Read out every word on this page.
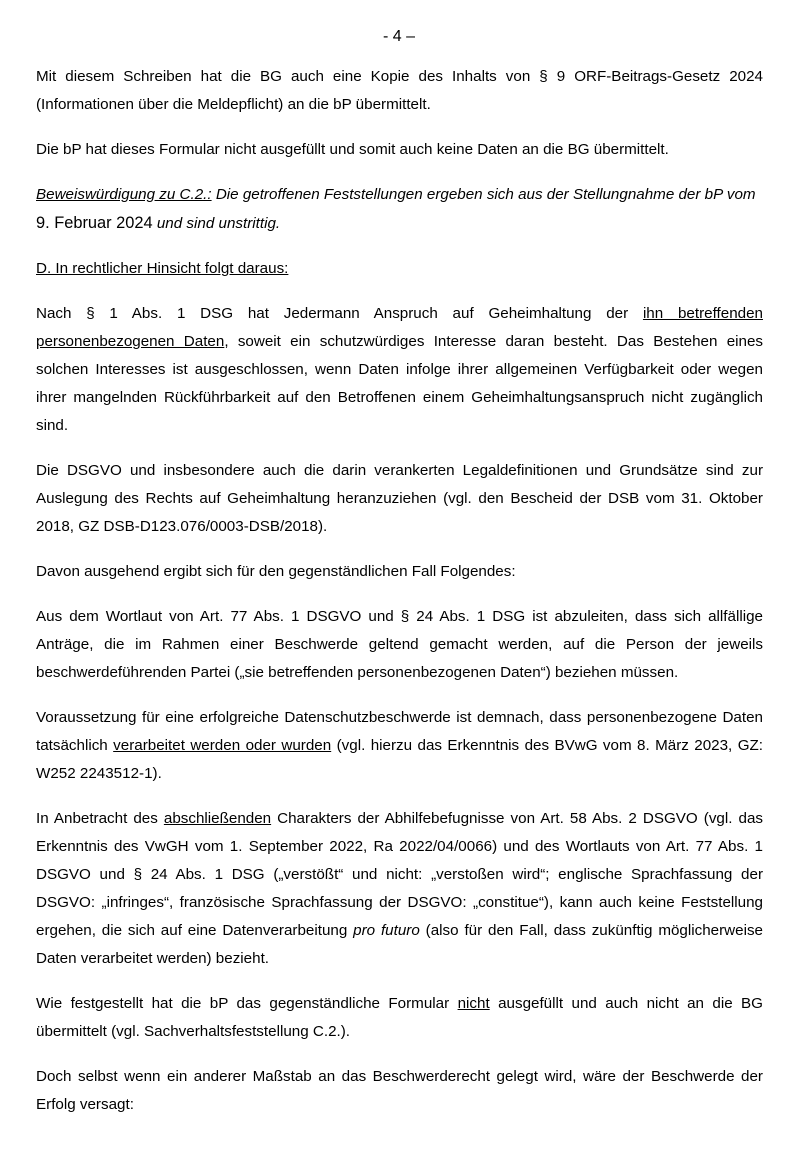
- 4 –

Mit diesem Schreiben hat die BG auch eine Kopie des Inhalts von § 9 ORF-Beitrags-Gesetz 2024 (Informationen über die Meldepflicht) an die bP übermittelt.

Die bP hat dieses Formular nicht ausgefüllt und somit auch keine Daten an die BG übermittelt.

Beweiswürdigung zu C.2.: Die getroffenen Feststellungen ergeben sich aus der Stellungnahme der bP vom 9. Februar 2024 und sind unstrittig.

D. In rechtlicher Hinsicht folgt daraus:

Nach § 1 Abs. 1 DSG hat Jedermann Anspruch auf Geheimhaltung der ihn betreffenden personenbezogenen Daten, soweit ein schutzwürdiges Interesse daran besteht. Das Bestehen eines solchen Interesses ist ausgeschlossen, wenn Daten infolge ihrer allgemeinen Verfügbarkeit oder wegen ihrer mangelnden Rückführbarkeit auf den Betroffenen einem Geheimhaltungsanspruch nicht zugänglich sind.

Die DSGVO und insbesondere auch die darin verankerten Legaldefinitionen und Grundsätze sind zur Auslegung des Rechts auf Geheimhaltung heranzuziehen (vgl. den Bescheid der DSB vom 31. Oktober 2018, GZ DSB-D123.076/0003-DSB/2018).

Davon ausgehend ergibt sich für den gegenständlichen Fall Folgendes:

Aus dem Wortlaut von Art. 77 Abs. 1 DSGVO und § 24 Abs. 1 DSG ist abzuleiten, dass sich allfällige Anträge, die im Rahmen einer Beschwerde geltend gemacht werden, auf die Person der jeweils beschwerdeführenden Partei („sie betreffenden personenbezogenen Daten“) beziehen müssen.

Voraussetzung für eine erfolgreiche Datenschutzbeschwerde ist demnach, dass personenbezogene Daten tatsächlich verarbeitet werden oder wurden (vgl. hierzu das Erkenntnis des BVwG vom 8. März 2023, GZ: W252 2243512-1).

In Anbetracht des abschließenden Charakters der Abhilfebefugnisse von Art. 58 Abs. 2 DSGVO (vgl. das Erkenntnis des VwGH vom 1. September 2022, Ra 2022/04/0066) und des Wortlauts von Art. 77 Abs. 1 DSGVO und § 24 Abs. 1 DSG („verstößt“ und nicht: „verstoßen wird“; englische Sprachfassung der DSGVO: „infringes“, französische Sprachfassung der DSGVO: „constitue“), kann auch keine Feststellung ergehen, die sich auf eine Datenverarbeitung pro futuro (also für den Fall, dass zukünftig möglicherweise Daten verarbeitet werden) bezieht.

Wie festgestellt hat die bP das gegenständliche Formular nicht ausgefüllt und auch nicht an die BG übermittelt (vgl. Sachverhaltsfeststellung C.2.).

Doch selbst wenn ein anderer Maßstab an das Beschwerderecht gelegt wird, wäre der Beschwerde der Erfolg versagt:
